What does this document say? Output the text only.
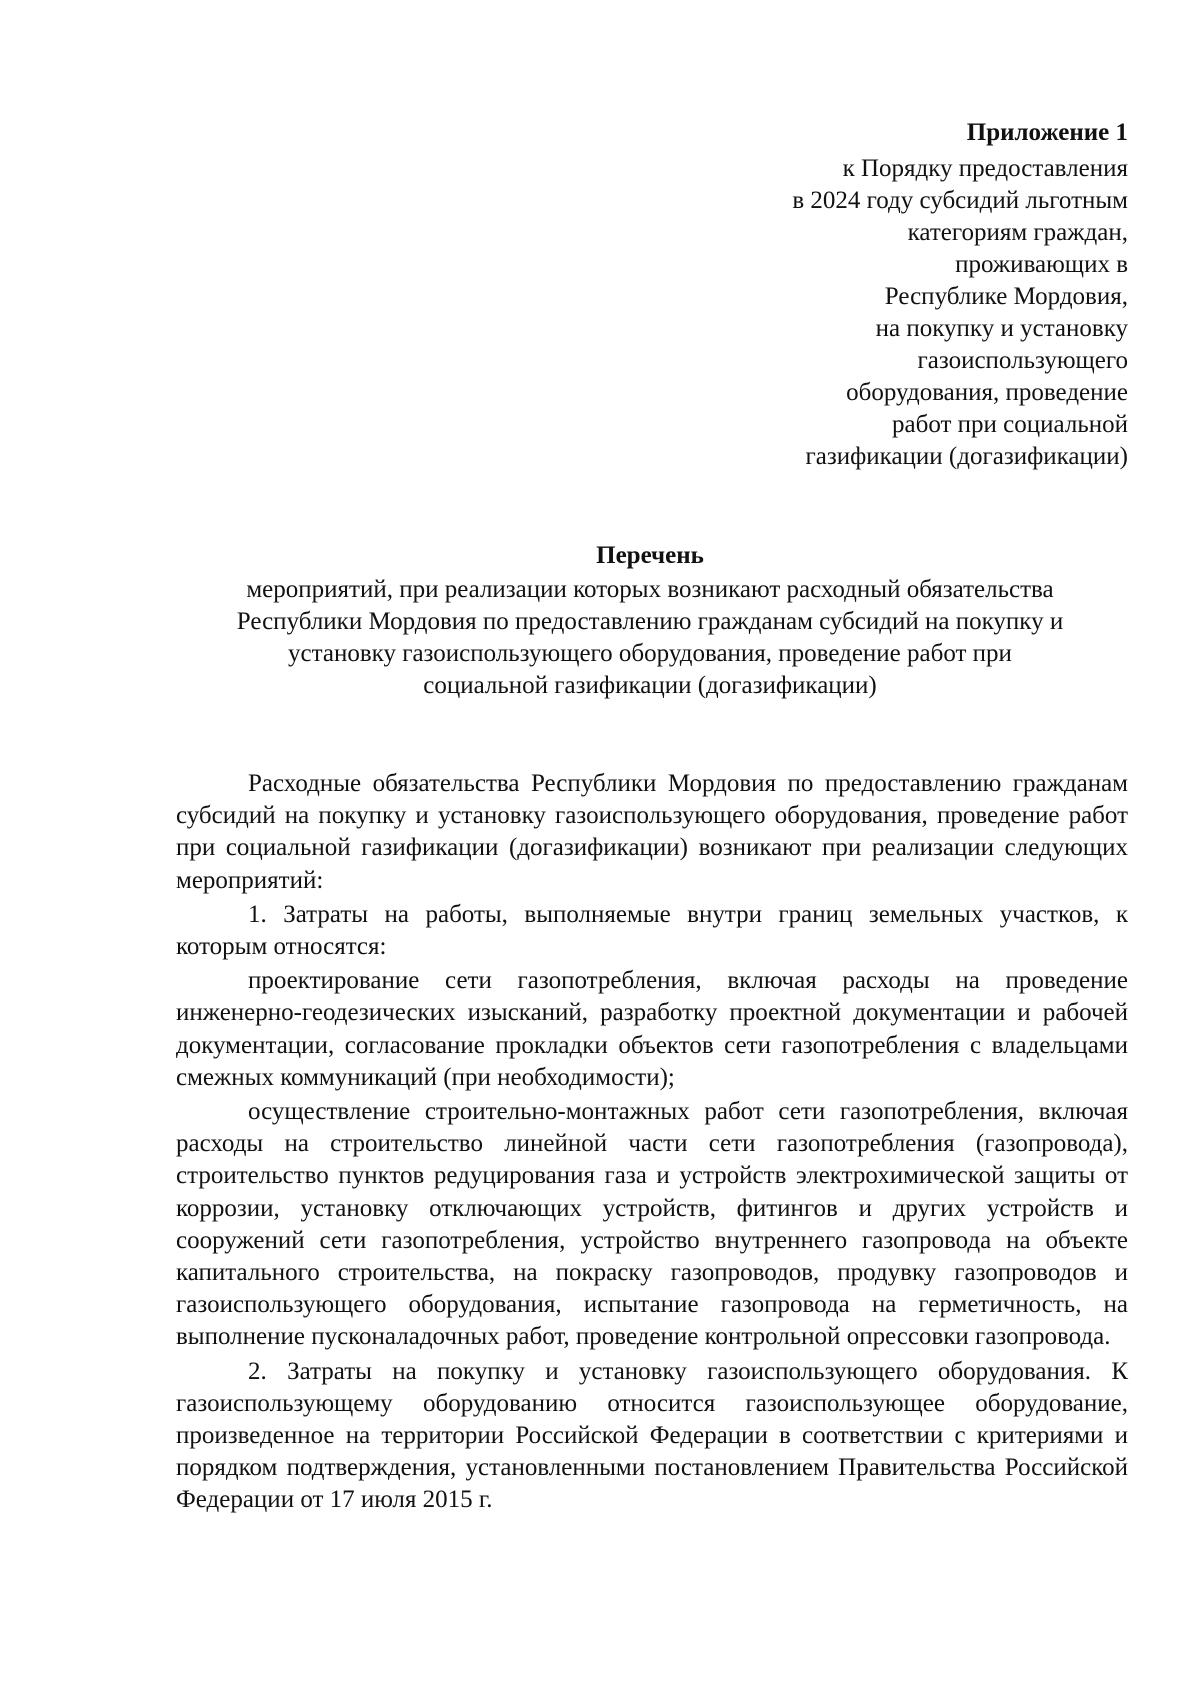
Приложение 1
к Порядку предоставления
в 2024 году субсидий льготным
категориям граждан,
проживающих в
Республике Мордовия,
на покупку и установку
газоиспользующего
оборудования, проведение
работ при социальной
газификации (догазификации)
Перечень
мероприятий, при реализации которых возникают расходный обязательства
Республики Мордовия по предоставлению гражданам субсидий на покупку и
установку газоиспользующего оборудования, проведение работ при
социальной газификации (догазификации)

Расходные обязательства Республики Мордовия по предоставлению гражданам субсидий на покупку и установку газоиспользующего оборудования, проведение работ при социальной газификации (догазификации) возникают при реализации следующих мероприятий:

1. Затраты на работы, выполняемые внутри границ земельных участков, к которым относятся:

проектирование сети газопотребления, включая расходы на проведение инженерно-геодезических изысканий, разработку проектной документации и рабочей документации, согласование прокладки объектов сети газопотребления с владельцами смежных коммуникаций (при необходимости);

осуществление строительно-монтажных работ сети газопотребления, включая расходы на строительство линейной части сети газопотребления (газопровода), строительство пунктов редуцирования газа и устройств электрохимической защиты от коррозии, установку отключающих устройств, фитингов и других устройств и сооружений сети газопотребления, устройство внутреннего газопровода на объекте капитального строительства, на покраску газопроводов, продувку газопроводов и газоиспользующего оборудования, испытание газопровода на герметичность, на выполнение пусконаладочных работ, проведение контрольной опрессовки газопровода.

2. Затраты на покупку и установку газоиспользующего оборудования. К газоиспользующему оборудованию относится газоиспользующее оборудование, произведенное на территории Российской Федерации в соответствии с критериями и порядком подтверждения, установленными постановлением Правительства Российской Федерации от 17 июля 2015 г.
